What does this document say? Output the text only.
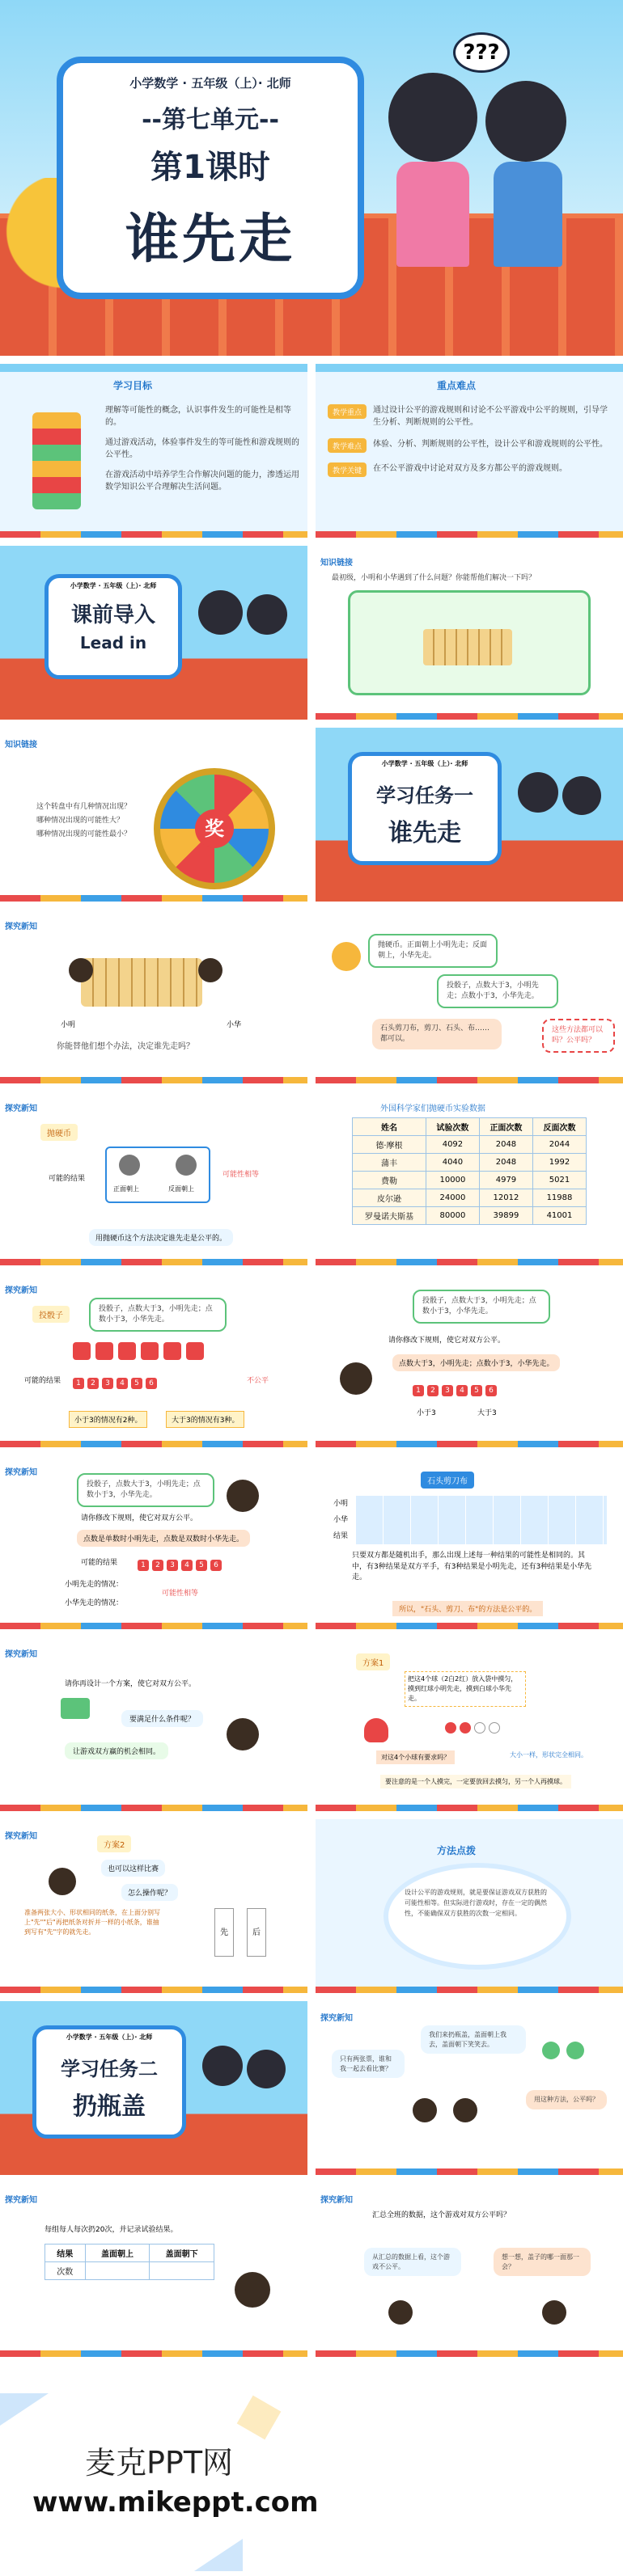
小学数学 · 五年级（上）· 北师
--第七单元--
第1课时
谁先走
???
学习目标

理解等可能性的概念，认识事件发生的可能性是相等的。

通过游戏活动，体验事件发生的等可能性和游戏规则的公平性。

在游戏活动中培养学生合作解决问题的能力，渗透运用数学知识公平合理解决生活问题。

重点难点
教学重点	通过设计公平的游戏规则和讨论不公平游戏中公平的规则，引导学生分析、判断规则的公平性。
教学难点	体验、分析、判断规则的公平性，设计公平和游戏规则的公平性。
教学关键	在不公平游戏中讨论对双方及多方都公平的游戏规则。
小学数学 · 五年级（上）· 北师
课前导入
Lead in
知识链接
最初级，小明和小华遇到了什么问题？你能帮他们解决一下吗？
知识链接

这个转盘中有几种情况出现？

哪种情况出现的可能性大？

哪种情况出现的可能性最小？	奖
小学数学 · 五年级（上）· 北师
学习任务一
谁先走
探究新知
小明	小华
你能替他们想个办法，决定谁先走吗？
抛硬币。正面朝上小明先走；反面朝上，小华先走。
投骰子，点数大于3，小明先走；点数小于3，小华先走。
石头剪刀布，剪刀、石头、布……都可以。
这些方法都可以吗？公平吗？
探究新知
抛硬币
可能的结果
正面朝上	反面朝上
可能性相等
用抛硬币这个方法决定谁先走是公平的。
外国科学家们抛硬币实验数据
姓名	试验次数	正面次数	反面次数
德·摩根	4092	2048	2044
蒲丰	4040	2048	1992
费勒	10000	4979	5021
皮尔逊	24000	12012	11988
罗曼诺夫斯基	80000	39899	41001
探究新知
投骰子
投骰子，点数大于3，小明先走；点数小于3，小华先走。
可能的结果	1 2 3 4 5 6	不公平
小于3的情况有2种。	大于3的情况有3种。
投骰子，点数大于3，小明先走；点数小于3，小华先走。
请你修改下规则，使它对双方公平。
点数大于3，小明先走；点数小于3，小华先走。
1 2 3 4 5 6
小于3	大于3
探究新知
投骰子，点数大于3，小明先走；点数小于3，小华先走。
请你修改下规则，使它对双方公平。
点数是单数时小明先走，点数是双数时小华先走。
可能的结果	1 2 3 4 5 6
小明先走的情况：
小华先走的情况：
可能性相等
石头剪刀布
小明
小华
结果
只要双方都是随机出手，那么出现上述每一种结果的可能性是相同的。其中，有3种结果是双方平手，有3种结果是小明先走，还有3种结果是小华先走。
所以，"石头、剪刀、布"的方法是公平的。
探究新知
请你再设计一个方案，使它对双方公平。
要满足什么条件呢？
让游戏双方赢的机会相同。
方案1
把这4个球（2白2红）放入袋中摸匀，摸到红球小明先走，摸到白球小华先走。
对这4个小球有要求吗？	大小一样，形状完全相同。
要注意的是一个人摸完，一定要放回去摸匀，另一个人再摸球。
探究新知
方案2
也可以这样比赛
怎么操作呢？
准备两张大小、形状相同的纸条，在上面分别写上"先""后"再把纸条对折并一样的小纸条，谁抽到写有"先"字的就先走。	先	后
方法点拨
设计公平的游戏规则，就是要保证游戏双方获胜的可能性相等。但实际进行游戏时，存在一定的偶然性，不能确保双方获胜的次数一定相同。
小学数学 · 五年级（上）· 北师
学习任务二
扔瓶盖
探究新知
只有两张票，谁和我一起去看比赛？
我们来扔瓶盖，盖面朝上我去，盖面朝下笑笑去。
用这种方法，公平吗？
探究新知
每组每人每次扔20次，并记录试验结果。
结果	盖面朝上	盖面朝下
次数		
探究新知
汇总全班的数据，这个游戏对双方公平吗？
从汇总的数据上看，这个游戏不公平。
想一想，盖子的哪一面那一会？
麦克PPT网
www.mikeppt.com
